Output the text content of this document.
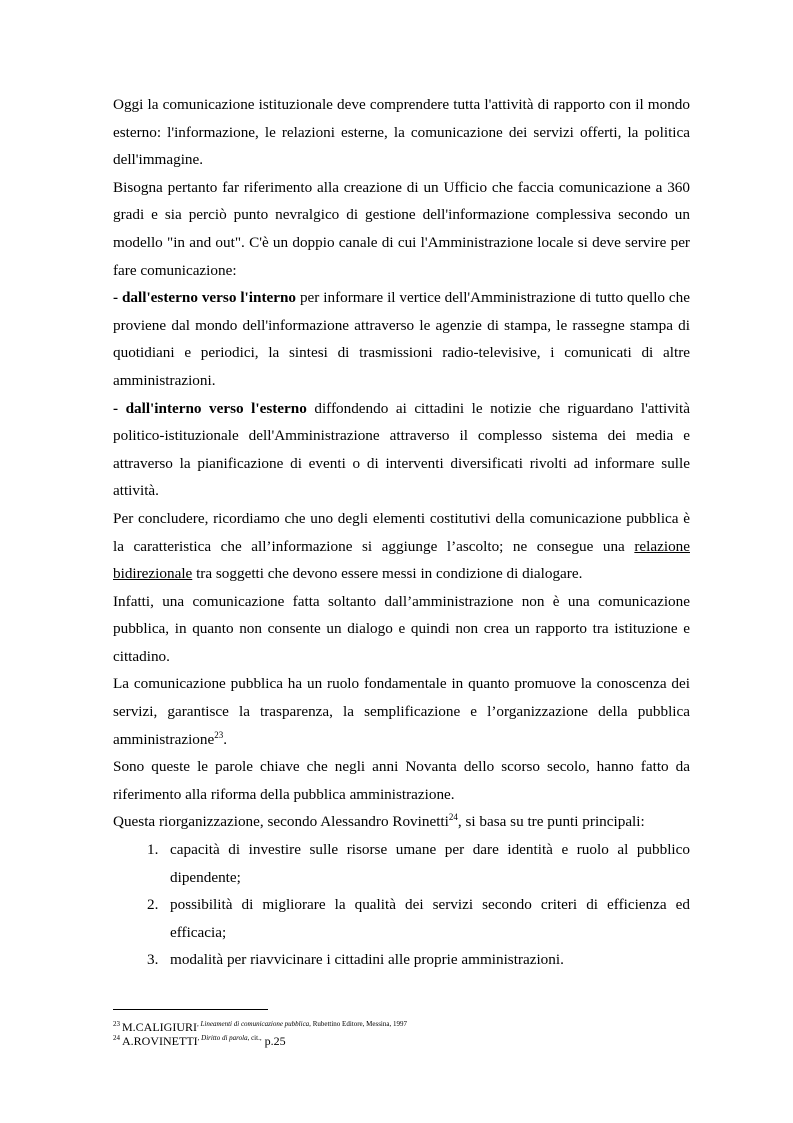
Oggi la comunicazione istituzionale deve comprendere tutta l'attività di rapporto con il mondo esterno: l'informazione, le relazioni esterne, la comunicazione dei servizi offerti, la politica dell'immagine.

Bisogna pertanto far riferimento alla creazione di un Ufficio che faccia comunicazione a 360 gradi e sia perciò punto nevralgico di gestione dell'informazione complessiva secondo un modello "in and out". C'è un doppio canale di cui l'Amministrazione locale si deve servire per fare comunicazione:

- dall'esterno verso l'interno per informare il vertice dell'Amministrazione di tutto quello che proviene dal mondo dell'informazione attraverso le agenzie di stampa, le rassegne stampa di quotidiani e periodici, la sintesi di trasmissioni radio-televisive, i comunicati di altre amministrazioni.

- dall'interno verso l'esterno diffondendo ai cittadini le notizie che riguardano l'attività politico-istituzionale dell'Amministrazione attraverso il complesso sistema dei media e attraverso la pianificazione di eventi o di interventi diversificati rivolti ad informare sulle attività.

Per concludere, ricordiamo che uno degli elementi costitutivi della comunicazione pubblica è la caratteristica che all’informazione si aggiunge l’ascolto; ne consegue una relazione bidirezionale tra soggetti che devono essere messi in condizione di dialogare.

Infatti, una comunicazione fatta soltanto dall’amministrazione non è una comunicazione pubblica, in quanto non consente un dialogo e quindi non crea un rapporto tra istituzione e cittadino.

La comunicazione pubblica ha un ruolo fondamentale in quanto promuove la conoscenza dei servizi, garantisce la trasparenza, la semplificazione e l’organizzazione della pubblica amministrazione$^{23}$.

Sono queste le parole chiave che negli anni Novanta dello scorso secolo, hanno fatto da riferimento alla riforma della pubblica amministrazione.

Questa riorganizzazione, secondo Alessandro Rovinetti$^{24}$, si basa su tre punti principali:

1. capacità di investire sulle risorse umane per dare identità e ruolo al pubblico dipendente;
2. possibilità di migliorare la qualità dei servizi secondo criteri di efficienza ed efficacia;
3. modalità per riavvicinare i cittadini alle proprie amministrazioni.
$^{23}$ M.CALIGIURI, $^{Lineamenti di comunicazione pubblica,}$ $^{Rubettino Editore, Messina, 1997}$
$^{24}$ A.ROVINETTI, $^{Diritto di parola, cit.,}$ p.25
